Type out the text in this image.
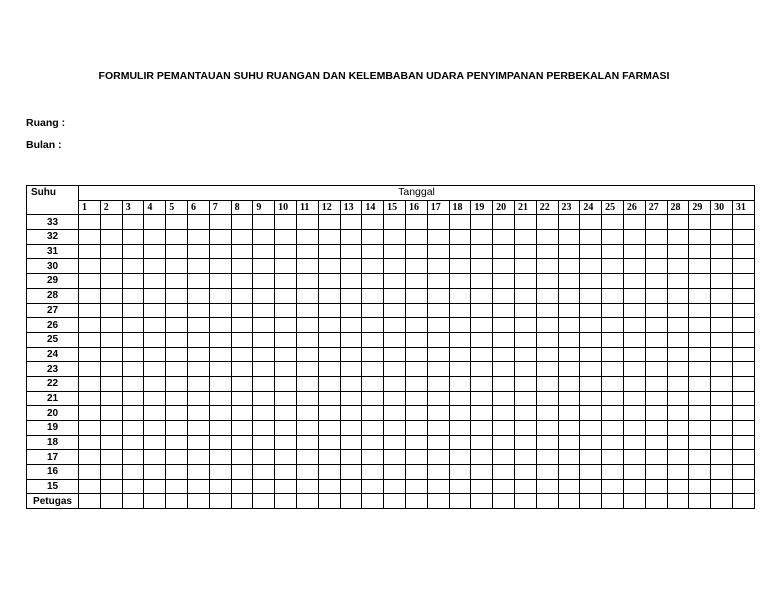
FORMULIR PEMANTAUAN SUHU RUANGAN DAN KELEMBABAN UDARA PENYIMPANAN PERBEKALAN FARMASI
Ruang :
Bulan :
Suhu	Tanggal																														
	1	2	3	4	5	6	7	8	9	10	11	12	13	14	15	16	17	18	19	20	21	22	23	24	25	26	27	28	29	30	31
33																															
32																															
31																															
30																															
29																															
28																															
27																															
26																															
25																															
24																															
23																															
22																															
21																															
20																															
19																															
18																															
17																															
16																															
15																															
Petugas																															
